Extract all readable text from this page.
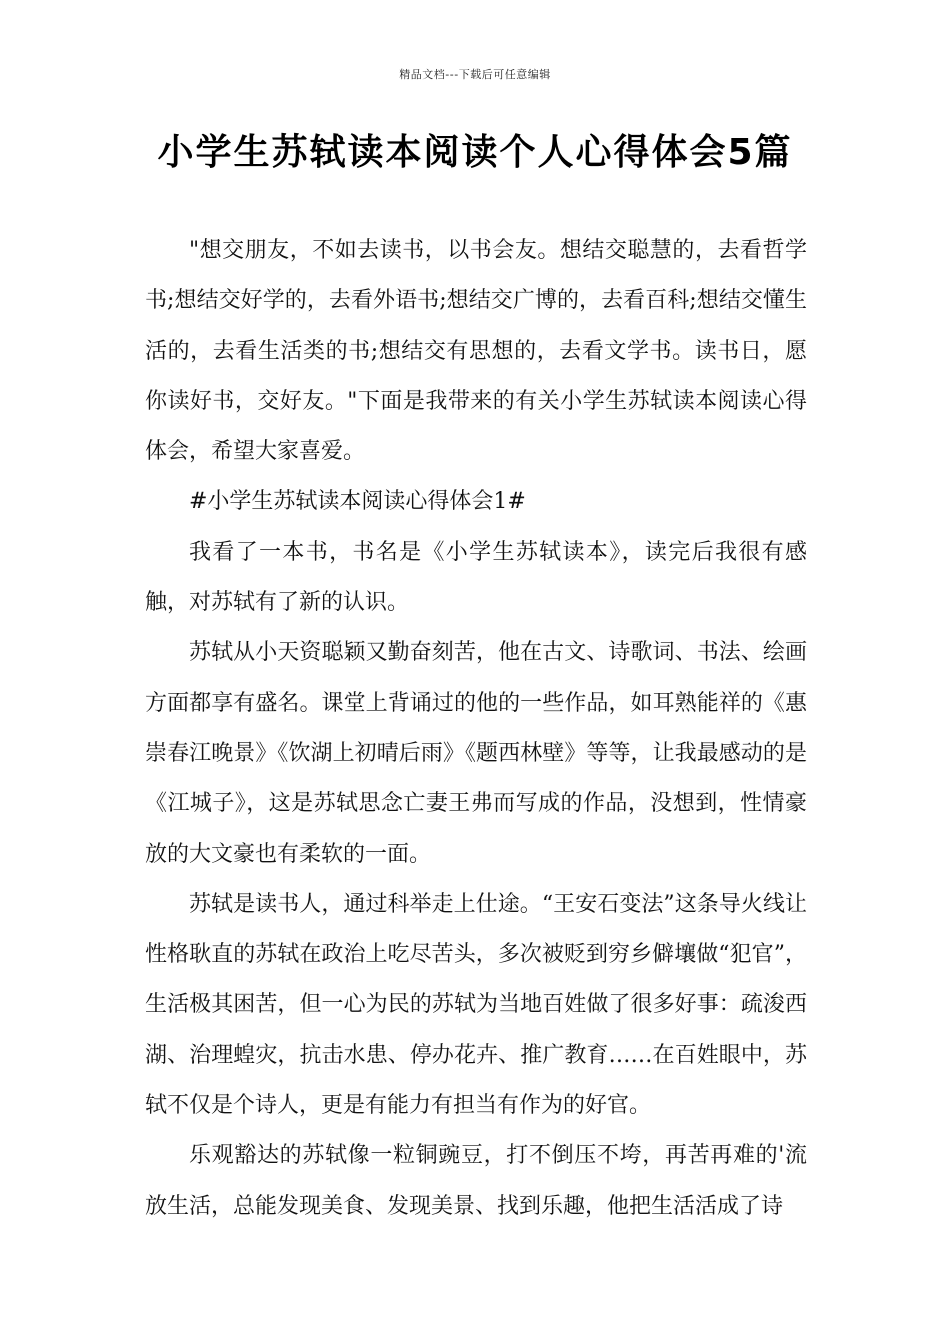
精品文档---下载后可任意编辑
小学生苏轼读本阅读个人心得体会5篇

"想交朋友，不如去读书，以书会友。想结交聪慧的，去看哲学书;想结交好学的，去看外语书;想结交广博的，去看百科;想结交懂生活的，去看生活类的书;想结交有思想的，去看文学书。读书日，愿你读好书，交好友。"下面是我带来的有关小学生苏轼读本阅读心得体会，希望大家喜爱。

#小学生苏轼读本阅读心得体会1#

我看了一本书，书名是《小学生苏轼读本》，读完后我很有感触，对苏轼有了新的认识。

苏轼从小天资聪颖又勤奋刻苦，他在古文、诗歌词、书法、绘画方面都享有盛名。课堂上背诵过的他的一些作品，如耳熟能祥的《惠崇春江晚景》《饮湖上初晴后雨》《题西林壁》等等，让我最感动的是《江城子》，这是苏轼思念亡妻王弗而写成的作品，没想到，性情豪放的大文豪也有柔软的一面。

苏轼是读书人，通过科举走上仕途。“王安石变法”这条导火线让性格耿直的苏轼在政治上吃尽苦头，多次被贬到穷乡僻壤做“犯官”，生活极其困苦，但一心为民的苏轼为当地百姓做了很多好事：疏浚西湖、治理蝗灾，抗击水患、停办花卉、推广教育……在百姓眼中，苏轼不仅是个诗人，更是有能力有担当有作为的好官。

乐观豁达的苏轼像一粒铜豌豆，打不倒压不垮，再苦再难的'流放生活，总能发现美食、发现美景、找到乐趣，他把生活活成了诗
